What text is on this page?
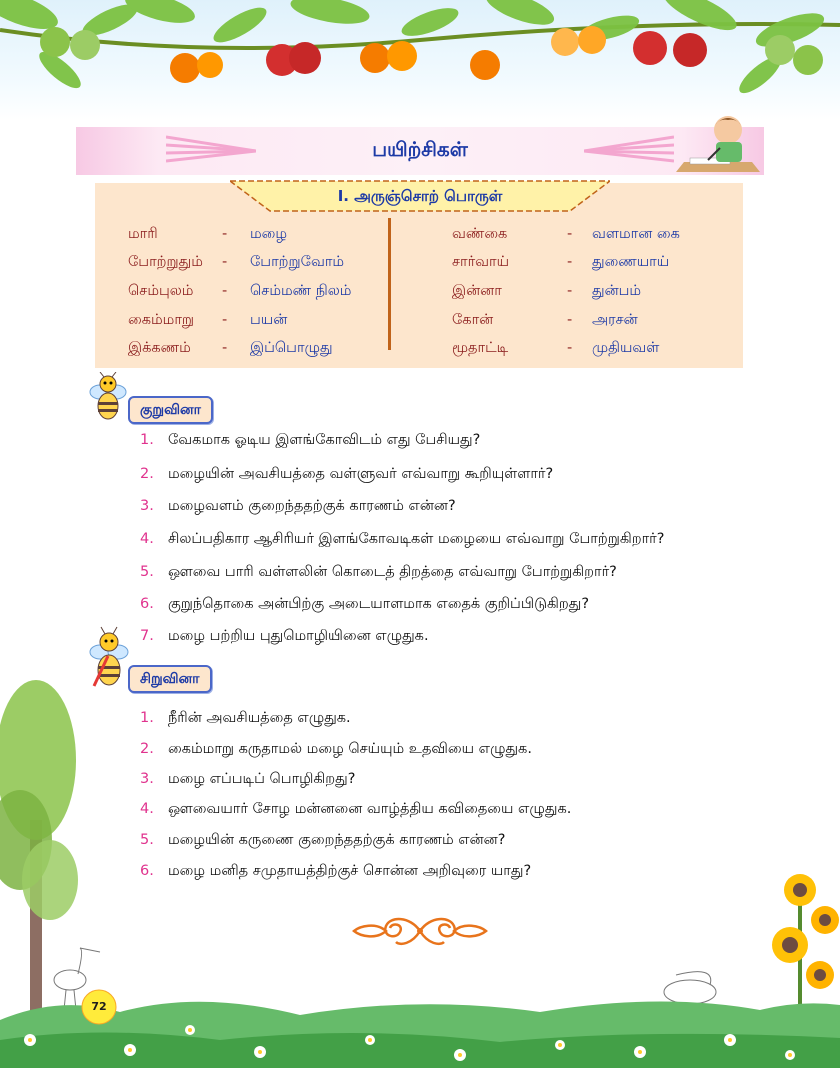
பயிற்சிகள்
I. அருஞ்சொற் பொருள்
மாரி	- மழை	வண்கை	- வளமான கை
போற்றுதும் - போற்றுவோம்	சார்வாய்	- துணையாய்
செம்புலம் - செம்மண் நிலம்	இன்னா	- துன்பம்
கைம்மாறு - பயன்	கோன்	- அரசன்
இக்கணம் - இப்பொழுது	மூதாட்டி	- முதியவள்
குறுவினா
1. வேகமாக ஓடிய இளங்கோவிடம் எது பேசியது?
2. மழையின் அவசியத்தை வள்ளுவர் எவ்வாறு கூறியுள்ளார்?
3. மழைவளம் குறைந்ததற்குக் காரணம் என்ன?
4. சிலப்பதிகார ஆசிரியர் இளங்கோவடிகள் மழையை எவ்வாறு போற்றுகிறார்?
5. ஔவை பாரி வள்ளலின் கொடைத் திறத்தை எவ்வாறு போற்றுகிறார்?
6. குறுந்தொகை அன்பிற்கு அடையாளமாக எதைக் குறிப்பிடுகிறது?
7. மழை பற்றிய புதுமொழியினை எழுதுக.
சிறுவினா
1. நீரின் அவசியத்தை எழுதுக.
2. கைம்மாறு கருதாமல் மழை செய்யும் உதவியை எழுதுக.
3. மழை எப்படிப் பொழிகிறது?
4. ஔவையார் சோழ மன்னனை வாழ்த்திய கவிதையை எழுதுக.
5. மழையின் கருணை குறைந்ததற்குக் காரணம் என்ன?
6. மழை மனித சமுதாயத்திற்குச் சொன்ன அறிவுரை யாது?
72
